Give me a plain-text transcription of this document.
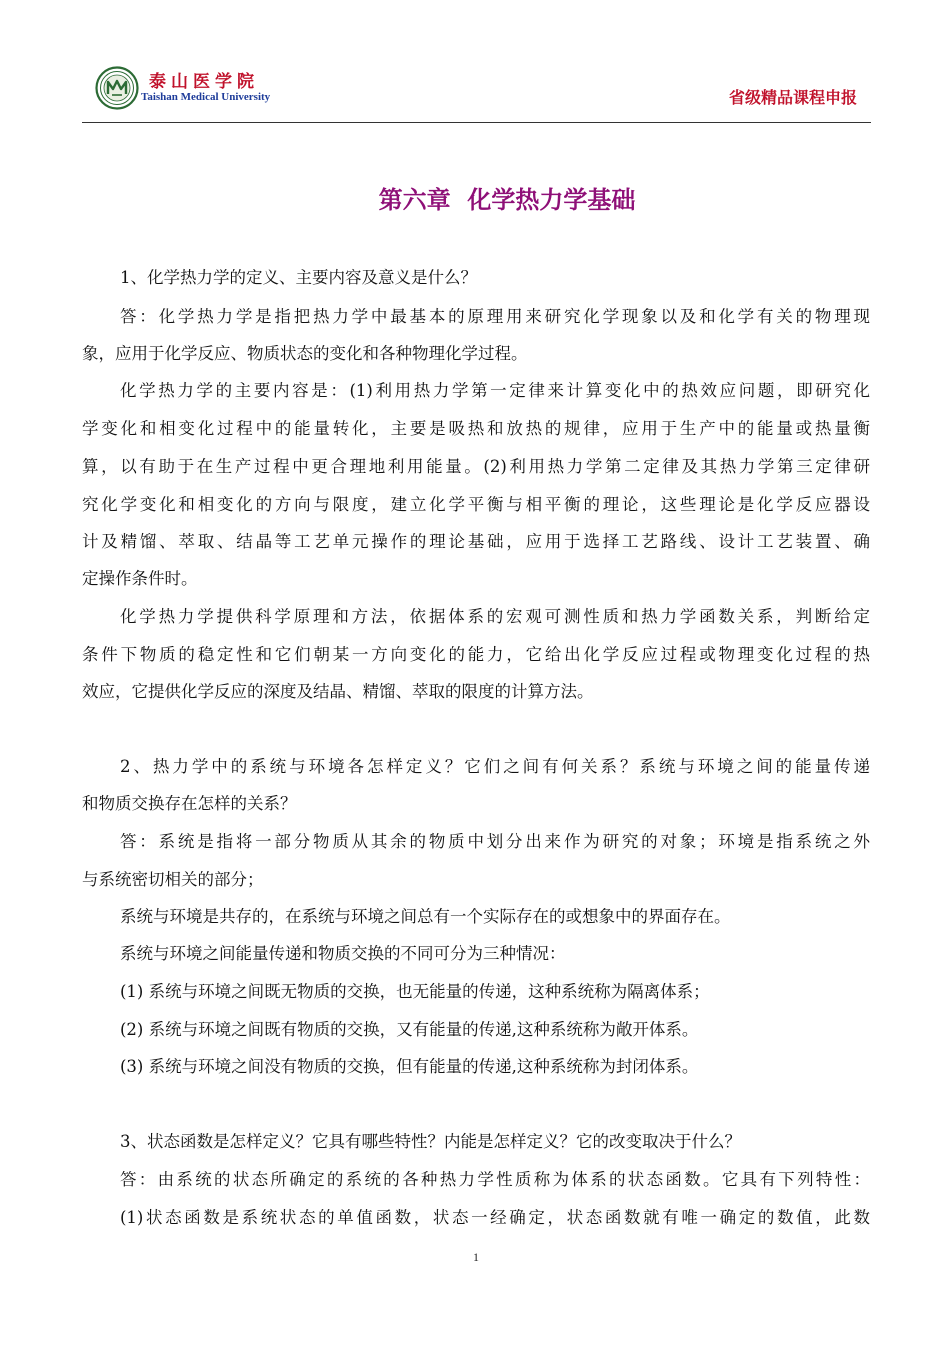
泰山医学院
Taishan Medical University	省级精品课程申报
第六章  化学热力学基础
1、化学热力学的定义、主要内容及意义是什么？
答：化学热力学是指把热力学中最基本的原理用来研究化学现象以及和化学有关的物理现
象，应用于化学反应、物质状态的变化和各种物理化学过程。
化学热力学的主要内容是：(1)利用热力学第一定律来计算变化中的热效应问题，即研究化
学变化和相变化过程中的能量转化，主要是吸热和放热的规律，应用于生产中的能量或热量衡
算，以有助于在生产过程中更合理地利用能量。(2)利用热力学第二定律及其热力学第三定律研
究化学变化和相变化的方向与限度，建立化学平衡与相平衡的理论，这些理论是化学反应器设
计及精馏、萃取、结晶等工艺单元操作的理论基础，应用于选择工艺路线、设计工艺装置、确
定操作条件时。
化学热力学提供科学原理和方法，依据体系的宏观可测性质和热力学函数关系，判断给定
条件下物质的稳定性和它们朝某一方向变化的能力，它给出化学反应过程或物理变化过程的热
效应，它提供化学反应的深度及结晶、精馏、萃取的限度的计算方法。
2、热力学中的系统与环境各怎样定义？它们之间有何关系？系统与环境之间的能量传递
和物质交换存在怎样的关系？
答：系统是指将一部分物质从其余的物质中划分出来作为研究的对象；环境是指系统之外
与系统密切相关的部分；
系统与环境是共存的，在系统与环境之间总有一个实际存在的或想象中的界面存在。
系统与环境之间能量传递和物质交换的不同可分为三种情况：
(1) 系统与环境之间既无物质的交换，也无能量的传递，这种系统称为隔离体系；
(2) 系统与环境之间既有物质的交换，又有能量的传递,这种系统称为敞开体系。
(3) 系统与环境之间没有物质的交换，但有能量的传递,这种系统称为封闭体系。
3、状态函数是怎样定义？它具有哪些特性？内能是怎样定义？它的改变取决于什么？
答：由系统的状态所确定的系统的各种热力学性质称为体系的状态函数。它具有下列特性：
(1)状态函数是系统状态的单值函数，状态一经确定，状态函数就有唯一确定的数值，此数
1
